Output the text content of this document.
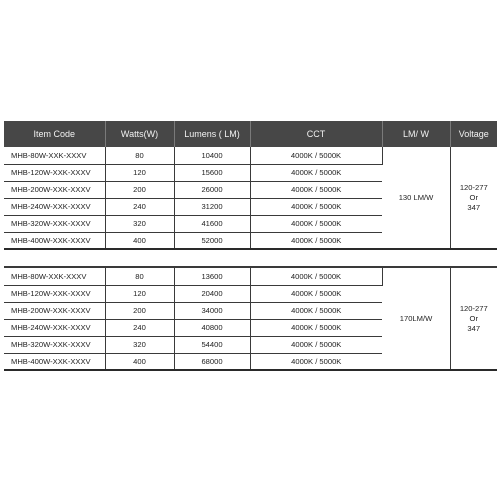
Item Code	Watts(W)	Lumens ( LM)	CCT	LM/ W	Voltage
MHB-80W-XXK-XXXV	80	10400	4000K / 5000K	130 LM/W	120-277
Or
347

MHB-120W-XXK-XXXV	120	15600	4000K / 5000K		
MHB-200W-XXK-XXXV	200	26000	4000K / 5000K		
MHB-240W-XXK-XXXV	240	31200	4000K / 5000K		
MHB-320W-XXK-XXXV	320	41600	4000K / 5000K		
MHB-400W-XXK-XXXV	400	52000	4000K / 5000K		
MHB-80W-XXK-XXXV	80	13600	4000K / 5000K	170LM/W	120-277
Or
347

MHB-120W-XXK-XXXV	120	20400	4000K / 5000K		
MHB-200W-XXK-XXXV	200	34000	4000K / 5000K		
MHB-240W-XXK-XXXV	240	40800	4000K / 5000K		
MHB-320W-XXK-XXXV	320	54400	4000K / 5000K		
MHB-400W-XXK-XXXV	400	68000	4000K / 5000K		
